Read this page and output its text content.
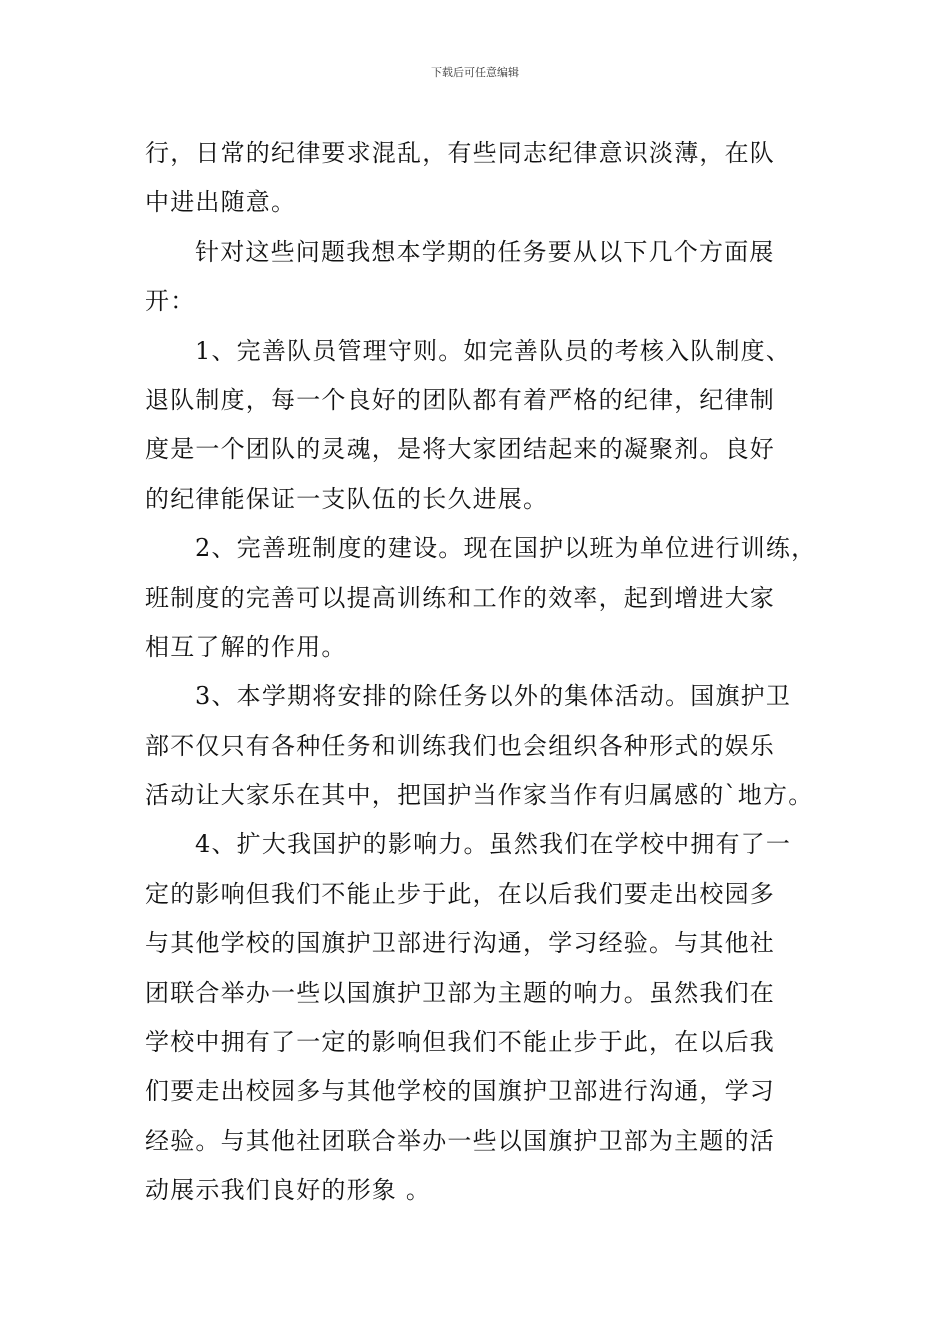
下载后可任意编辑

行，日常的纪律要求混乱，有些同志纪律意识淡薄，在队
中进出随意。

针对这些问题我想本学期的任务要从以下几个方面展
开：

1、完善队员管理守则。如完善队员的考核入队制度、
退队制度，每一个良好的团队都有着严格的纪律，纪律制
度是一个团队的灵魂，是将大家团结起来的凝聚剂。良好
的纪律能保证一支队伍的长久进展。

2、完善班制度的建设。现在国护以班为单位进行训练，
班制度的完善可以提高训练和工作的效率，起到增进大家
相互了解的作用。

3、本学期将安排的除任务以外的集体活动。国旗护卫
部不仅只有各种任务和训练我们也会组织各种形式的娱乐
活动让大家乐在其中，把国护当作家当作有归属感的`地方。

4、扩大我国护的影响力。虽然我们在学校中拥有了一
定的影响但我们不能止步于此，在以后我们要走出校园多
与其他学校的国旗护卫部进行沟通，学习经验。与其他社
团联合举办一些以国旗护卫部为主题的响力。虽然我们在
学校中拥有了一定的影响但我们不能止步于此，在以后我
们要走出校园多与其他学校的国旗护卫部进行沟通，学习
经验。与其他社团联合举办一些以国旗护卫部为主题的活
动展示我们良好的形象 。
